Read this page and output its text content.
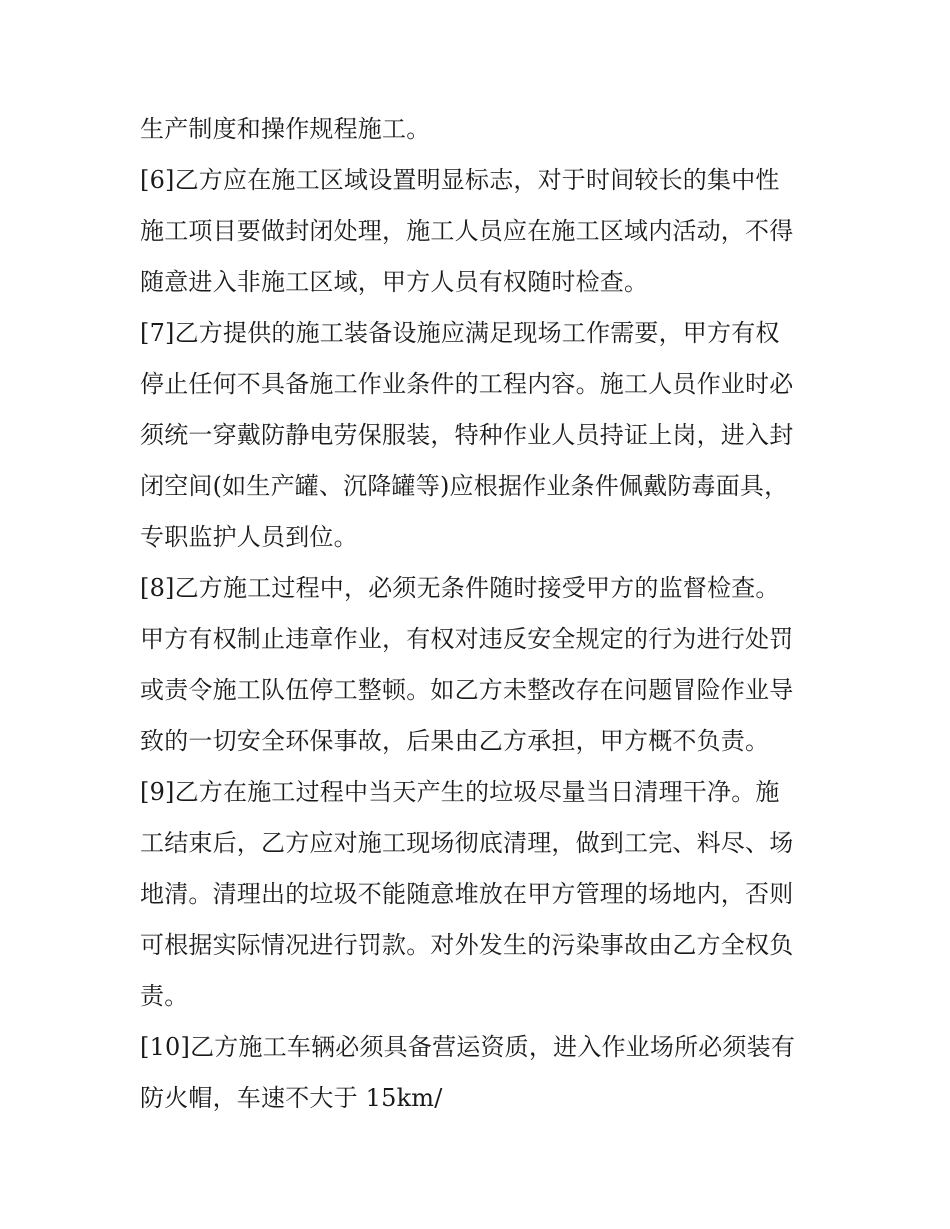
生产制度和操作规程施工。
[6]乙方应在施工区域设置明显标志，对于时间较长的集中性
施工项目要做封闭处理，施工人员应在施工区域内活动，不得
随意进入非施工区域，甲方人员有权随时检查。
[7]乙方提供的施工装备设施应满足现场工作需要，甲方有权
停止任何不具备施工作业条件的工程内容。施工人员作业时必
须统一穿戴防静电劳保服装，特种作业人员持证上岗，进入封
闭空间(如生产罐、沉降罐等)应根据作业条件佩戴防毒面具，
专职监护人员到位。
[8]乙方施工过程中，必须无条件随时接受甲方的监督检查。
甲方有权制止违章作业，有权对违反安全规定的行为进行处罚
或责令施工队伍停工整顿。如乙方未整改存在问题冒险作业导
致的一切安全环保事故，后果由乙方承担，甲方概不负责。
[9]乙方在施工过程中当天产生的垃圾尽量当日清理干净。施
工结束后，乙方应对施工现场彻底清理，做到工完、料尽、场
地清。清理出的垃圾不能随意堆放在甲方管理的场地内，否则
可根据实际情况进行罚款。对外发生的污染事故由乙方全权负
责。
[10]乙方施工车辆必须具备营运资质，进入作业场所必须装有
防火帽，车速不大于 15km/
